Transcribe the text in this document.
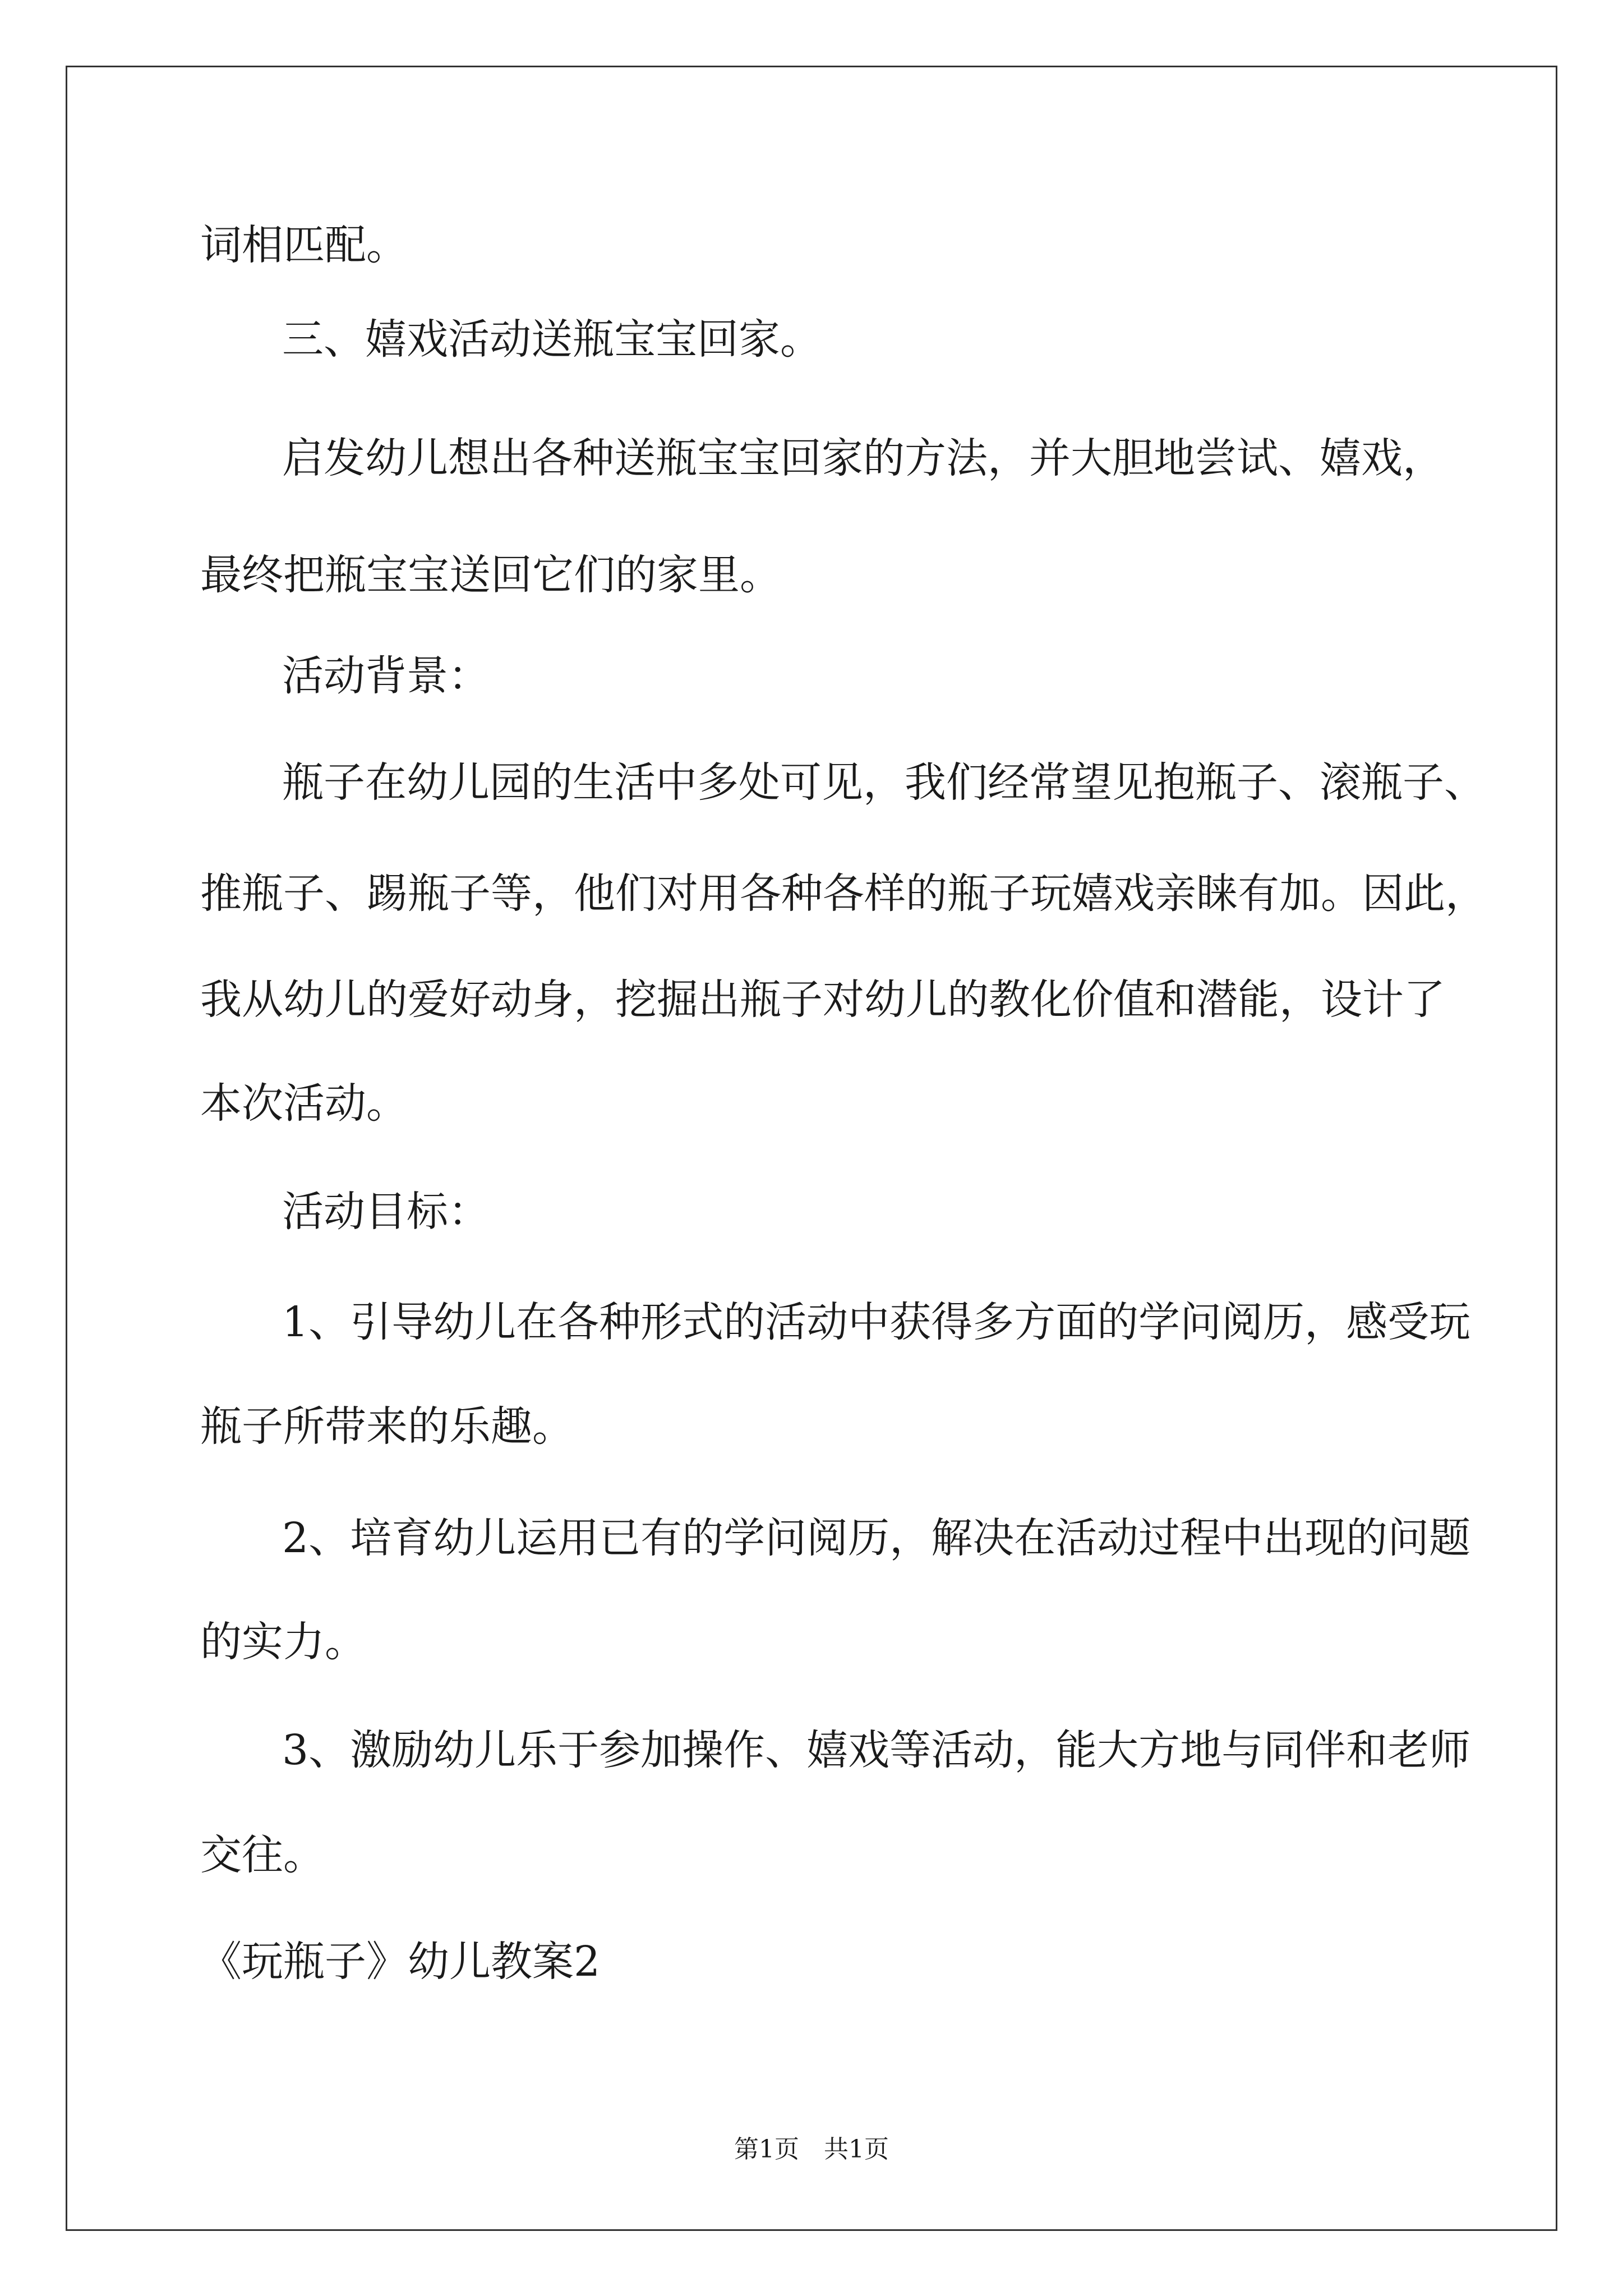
词相匹配。

三、嬉戏活动送瓶宝宝回家。

启发幼儿想出各种送瓶宝宝回家的方法，并大胆地尝试、嬉戏，

最终把瓶宝宝送回它们的家里。

活动背景：

瓶子在幼儿园的生活中多处可见，我们经常望见抱瓶子、滚瓶子、

推瓶子、踢瓶子等，他们对用各种各样的瓶子玩嬉戏亲睐有加。因此，

我从幼儿的爱好动身，挖掘出瓶子对幼儿的教化价值和潜能，设计了

本次活动。

活动目标：

1、引导幼儿在各种形式的活动中获得多方面的学问阅历，感受玩

瓶子所带来的乐趣。

2、培育幼儿运用已有的学问阅历，解决在活动过程中出现的问题

的实力。

3、激励幼儿乐于参加操作、嬉戏等活动，能大方地与同伴和老师

交往。

《玩瓶子》幼儿教案2

第1页　共1页
